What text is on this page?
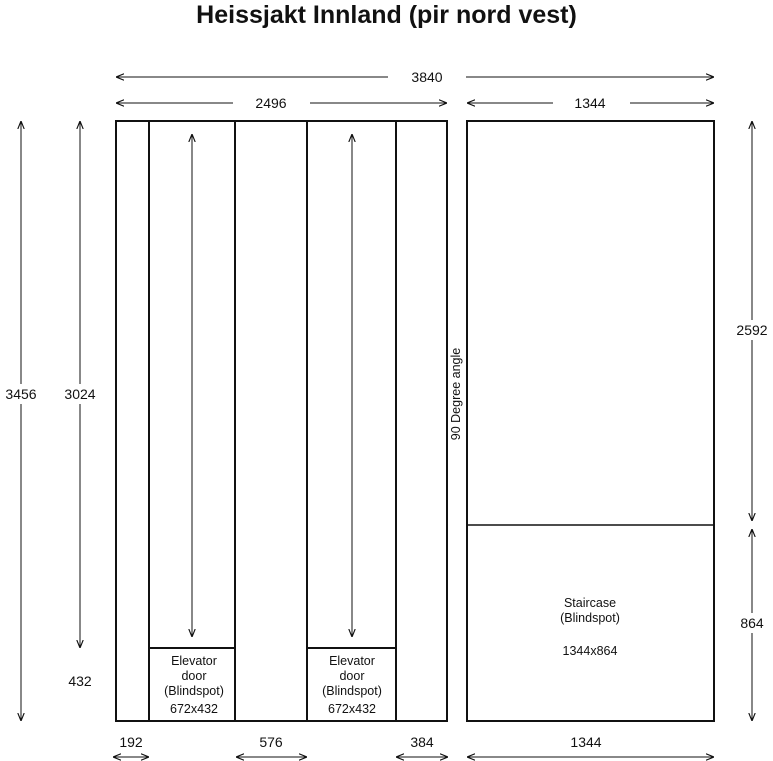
Heissjakt Innland (pir nord vest)
3840
2496	1344
3456 3024
432
2592
864
90 Degree angle
192	576	384	1344
Elevator
door
(Blindspot)
672x432
Elevator
door
(Blindspot)
672x432
Staircase
(Blindspot)
1344x864
